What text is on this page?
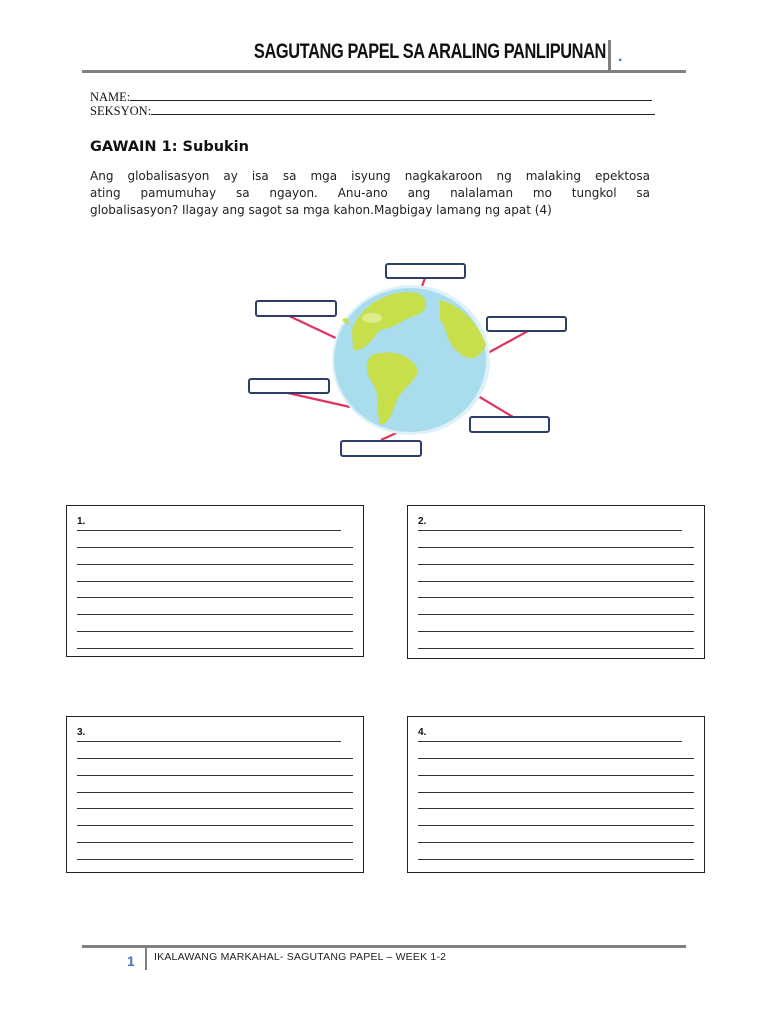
SAGUTANG PAPEL SA ARALING PANLIPUNAN .
NAME:
SEKSYON:
GAWAIN 1: Subukin
Ang globalisasyon ay isa sa mga isyung nagkakaroon ng malaking epektosa
ating pamumuhay sa ngayon. Anu-ano ang nalalaman mo tungkol sa
globalisasyon? Ilagay ang sagot sa mga kahon.Magbigay lamang ng apat (4)
1.	2.
3.	4.
1 IKALAWANG MARKAHAL- SAGUTANG PAPEL – WEEK 1-2
